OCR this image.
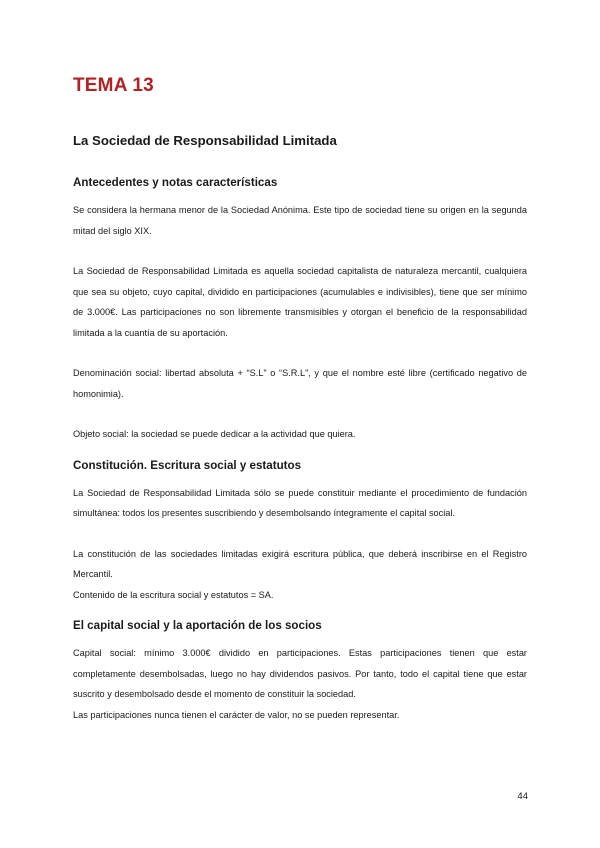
TEMA 13
La Sociedad de Responsabilidad Limitada
Antecedentes y notas características

Se considera la hermana menor de la Sociedad Anónima. Este tipo de sociedad tiene su origen en la segunda mitad del siglo XIX.

La Sociedad de Responsabilidad Limitada es aquella sociedad capitalista de naturaleza mercantil, cualquiera que sea su objeto, cuyo capital, dividido en participaciones (acumulables e indivisibles), tiene que ser mínimo de 3.000€. Las participaciones no son libremente transmisibles y otorgan el beneficio de la responsabilidad limitada a la cuantía de su aportación.

Denominación social: libertad absoluta + “S.L” o “S.R.L”, y que el nombre esté libre (certificado negativo de homonimia).

Objeto social: la sociedad se puede dedicar a la actividad que quiera.

Constitución. Escritura social y estatutos

La Sociedad de Responsabilidad Limitada sólo se puede constituir mediante el procedimiento de fundación simultánea: todos los presentes suscribiendo y desembolsando íntegramente el capital social.

La constitución de las sociedades limitadas exigirá escritura pública, que deberá inscribirse en el Registro Mercantil.

Contenido de la escritura social y estatutos = SA.

El capital social y la aportación de los socios

Capital social: mínimo 3.000€ dividido en participaciones. Estas participaciones tienen que estar completamente desembolsadas, luego no hay dividendos pasivos. Por tanto, todo el capital tiene que estar suscrito y desembolsado desde el momento de constituir la sociedad.

Las participaciones nunca tienen el carácter de valor, no se pueden representar.

44
